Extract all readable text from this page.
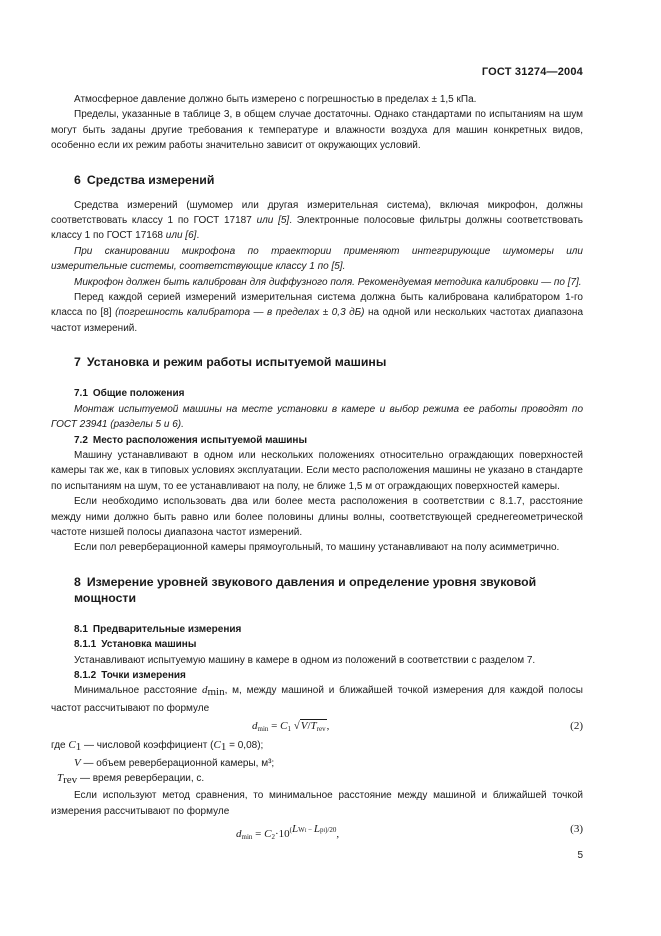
ГОСТ 31274—2004

Атмосферное давление должно быть измерено с погрешностью в пределах ± 1,5 кПа.

Пределы, указанные в таблице 3, в общем случае достаточны. Однако стандартами по испытаниям на шум могут быть заданы другие требования к температуре и влажности воздуха для машин конкретных видов, особенно если их режим работы значительно зависит от окружающих условий.

6 Средства измерений

Средства измерений (шумомер или другая измерительная система), включая микрофон, должны соответствовать классу 1 по ГОСТ 17187 или [5]. Электронные полосовые фильтры должны соответствовать классу 1 по ГОСТ 17168 или [6].

При сканировании микрофона по траектории применяют интегрирующие шумомеры или измерительные системы, соответствующие классу 1 по [5].

Микрофон должен быть калиброван для диффузного поля. Рекомендуемая методика калибровки — по [7].

Перед каждой серией измерений измерительная система должна быть калибрована калибратором 1-го класса по [8] (погрешность калибратора — в пределах ± 0,3 дБ) на одной или нескольких частотах диапазона частот измерений.

7 Установка и режим работы испытуемой машины
7.1 Общие положения

Монтаж испытуемой машины на месте установки в камере и выбор режима ее работы проводят по ГОСТ 23941 (разделы 5 и 6).

7.2 Место расположения испытуемой машины

Машину устанавливают в одном или нескольких положениях относительно ограждающих поверхностей камеры так же, как в типовых условиях эксплуатации. Если место расположения машины не указано в стандарте по испытаниям на шум, то ее устанавливают на полу, не ближе 1,5 м от ограждающих поверхностей камеры.

Если необходимо использовать два или более места расположения в соответствии с 8.1.7, расстояние между ними должно быть равно или более половины длины волны, соответствующей среднегеометрической частоте низшей полосы диапазона частот измерений.

Если пол реверберационной камеры прямоугольный, то машину устанавливают на полу асимметрично.

8 Измерение уровней звукового давления и определение уровня звуковой мощности
8.1 Предварительные измерения
8.1.1 Установка машины

Устанавливают испытуемую машину в камере в одном из положений в соответствии с разделом 7.

8.1.2 Точки измерения

Минимальное расстояние $d_{min}$, м, между машиной и ближайшей точкой измерения для каждой полосы частот рассчитывают по формуле

$d_{min} = C_1$ $√V/T_{rev}$,	(2)

где $C_1$ — числовой коэффициент $(C_1 = 0,08)$;

V — объем реверберационной камеры, м³;

$T_{rev}$ — время реверберации, с.

Если используют метод сравнения, то минимальное расстояние между машиной и ближайшей точкой измерения рассчитывают по формуле

$d_{min} = C_2\cdot 10^{(LWI - LpI)/20}$,	(3)
5
